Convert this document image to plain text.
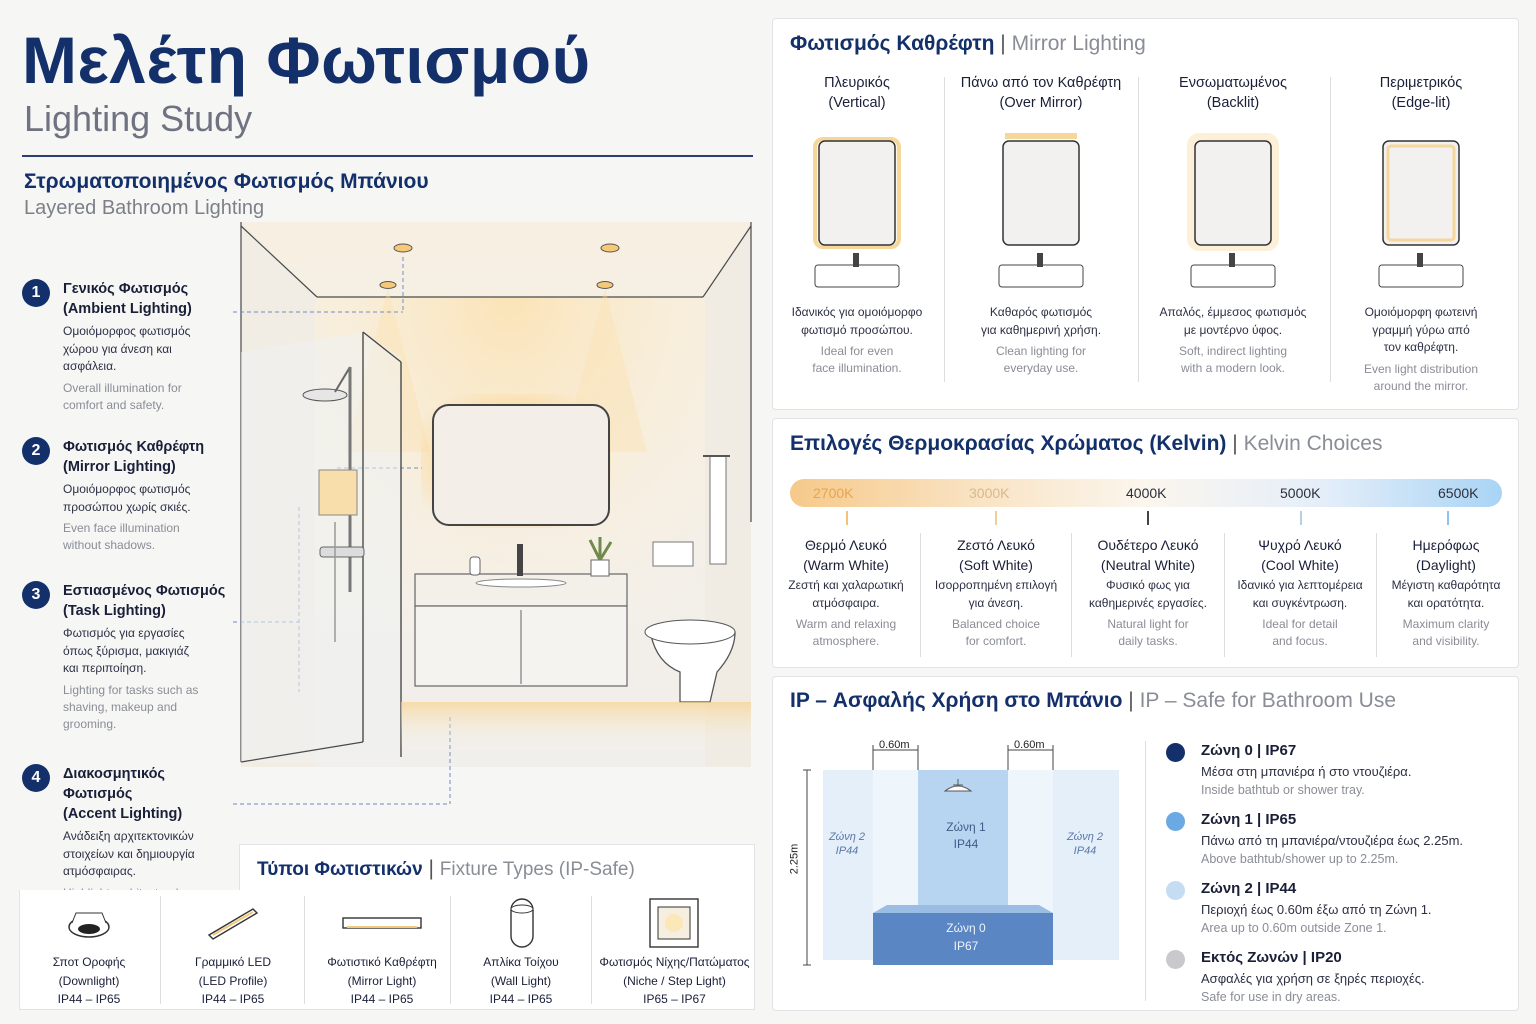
Μελέτη Φωτισμού
Lighting Study
Στρωματοποιημένος Φωτισμός Μπάνιου
Layered Bathroom Lighting
1	Γενικός Φωτισμός
(Ambient Lighting)
Ομοιόμορφος φωτισμός
χώρου για άνεση και
ασφάλεια.
Overall illumination for
comfort and safety.
2	Φωτισμός Καθρέφτη
(Mirror Lighting)
Ομοιόμορφος φωτισμός
προσώπου χωρίς σκιές.
Even face illumination
without shadows.
3	Εστιασμένος Φωτισμός
(Task Lighting)
Φωτισμός για εργασίες
όπως ξύρισμα, μακιγιάζ
και περιποίηση.
Lighting for tasks such as
shaving, makeup and
grooming.
4	Διακοσμητικός Φωτισμός
(Accent Lighting)
Ανάδειξη αρχιτεκτονικών
στοιχείων και δημιουργία
ατμόσφαιρας.	Τύποι Φωτιστικών | Fixture Types (IP-Safe)
Σποτ Οροφής
(Downlight)
IP44 – IP65
Γραμμικό LED
(LED Profile)
IP44 – IP65
Φωτιστικό Καθρέφτη
(Mirror Light)
IP44 – IP65
Απλίκα Τοίχου
(Wall Light)
IP44 – IP65
Φωτισμός Νίχης/Πατώματος
(Niche / Step Light)
IP65 – IP67
Φωτισμός Καθρέφτη | Mirror Lighting
Πλευρικός
(Vertical)
Ιδανικός για ομοιόμορφο
φωτισμό προσώπου.
Ideal for even
face illumination.
Πάνω από τον Καθρέφτη
(Over Mirror)
Καθαρός φωτισμός
για καθημερινή χρήση.
Clean lighting for
everyday use.
Ενσωματωμένος
(Backlit)
Απαλός, έμμεσος φωτισμός
με μοντέρνο ύφος.
Soft, indirect lighting
with a modern look.
Περιμετρικός
(Edge-lit)
Ομοιόμορφη φωτεινή
γραμμή γύρω από
τον καθρέφτη.
Even light distribution
around the mirror.
Επιλογές Θερμοκρασίας Χρώματος (Kelvin) | Kelvin Choices
2700K	3000K	4000K	5000K	6500K
Θερμό Λευκό
(Warm White)
Ζεστή και χαλαρωτική
ατμόσφαιρα.
Warm and relaxing
atmosphere.
Ζεστό Λευκό
(Soft White)
Ισορροπημένη επιλογή
για άνεση.
Balanced choice
for comfort.
Ουδέτερο Λευκό
(Neutral White)
Φυσικό φως για
καθημερινές εργασίες.
Natural light for
daily tasks.
Ψυχρό Λευκό
(Cool White)
Ιδανικό για λεπτομέρεια
και συγκέντρωση.
Ideal for detail
and focus.
Ημερόφως
(Daylight)
Μέγιστη καθαρότητα
και ορατότητα.
Maximum clarity
and visibility.
IP – Ασφαλής Χρήση στο Μπάνιο | IP – Safe for Bathroom Use
0.60m	0.60m
2.25m
Ζώνη 1
IP44
Ζώνη 2
IP44
Ζώνη 2
IP44
Ζώνη 0
IP67
Ζώνη 0 | IP67
Μέσα στη μπανιέρα ή στο ντουζιέρα.
Inside bathtub or shower tray.
Ζώνη 1 | IP65
Πάνω από τη μπανιέρα/ντουζιέρα έως 2.25m.
Above bathtub/shower up to 2.25m.
Ζώνη 2 | IP44
Περιοχή έως 0.60m έξω από τη Ζώνη 1.
Area up to 0.60m outside Zone 1.
Εκτός Ζωνών | IP20
Ασφαλές για χρήση σε ξηρές περιοχές.
Safe for use in dry areas.
